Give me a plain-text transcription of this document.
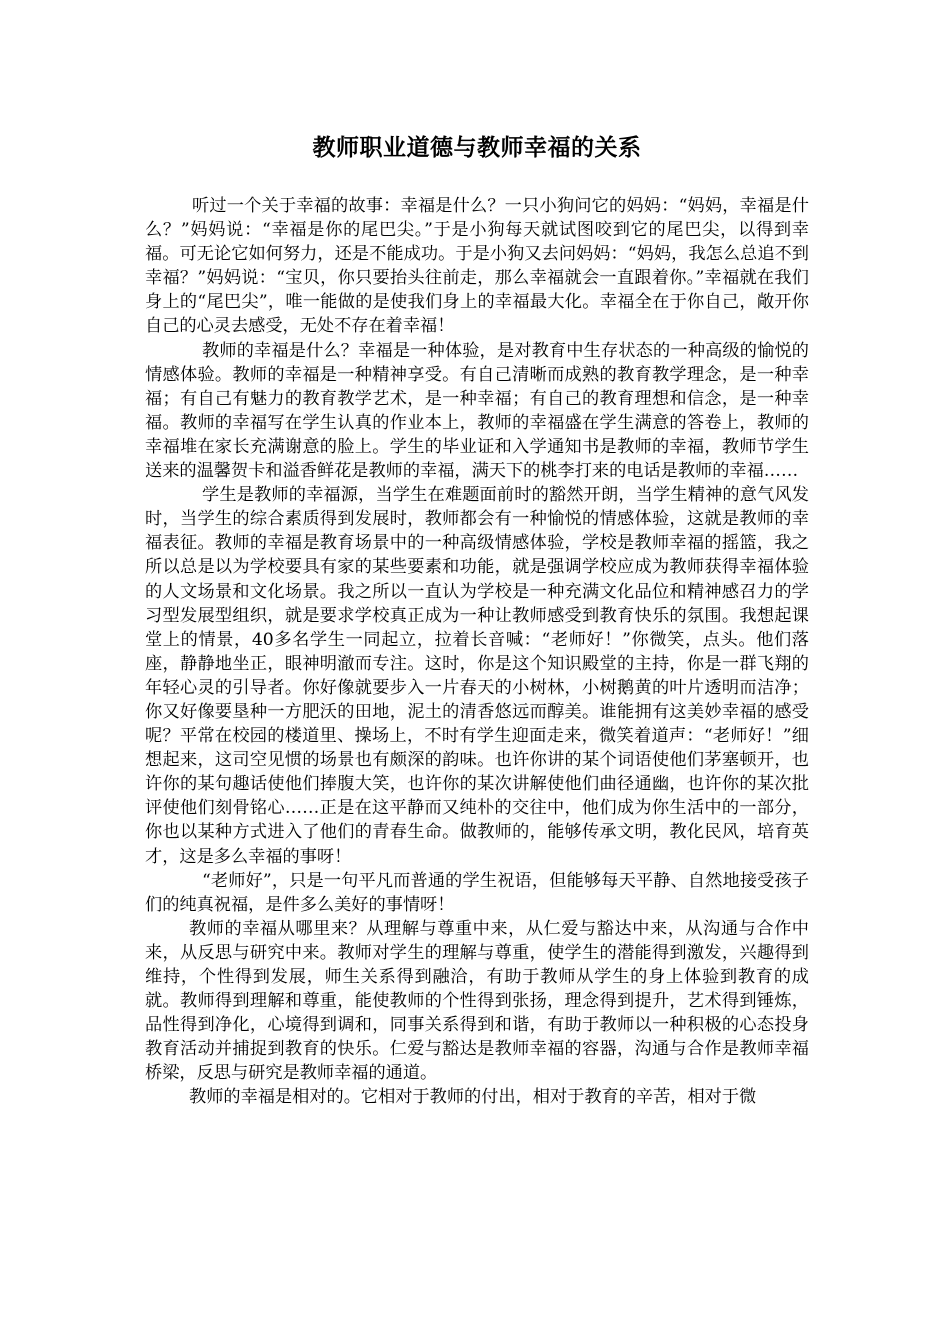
教师职业道德与教师幸福的关系

听过一个关于幸福的故事：幸福是什么？一只小狗问它的妈妈：“妈妈，幸福是什么？”妈妈说：“幸福是你的尾巴尖。”于是小狗每天就试图咬到它的尾巴尖，以得到幸福。可无论它如何努力，还是不能成功。于是小狗又去问妈妈：“妈妈，我怎么总追不到幸福？”妈妈说：“宝贝，你只要抬头往前走，那么幸福就会一直跟着你。”幸福就在我们身上的“尾巴尖”，唯一能做的是使我们身上的幸福最大化。幸福全在于你自己，敞开你自己的心灵去感受，无处不存在着幸福！

教师的幸福是什么？幸福是一种体验，是对教育中生存状态的一种高级的愉悦的情感体验。教师的幸福是一种精神享受。有自己清晰而成熟的教育教学理念，是一种幸福；有自己有魅力的教育教学艺术，是一种幸福；有自己的教育理想和信念，是一种幸福。教师的幸福写在学生认真的作业本上，教师的幸福盛在学生满意的答卷上，教师的幸福堆在家长充满谢意的脸上。学生的毕业证和入学通知书是教师的幸福，教师节学生送来的温馨贺卡和溢香鲜花是教师的幸福，满天下的桃李打来的电话是教师的幸福……

学生是教师的幸福源，当学生在难题面前时的豁然开朗，当学生精神的意气风发时，当学生的综合素质得到发展时，教师都会有一种愉悦的情感体验，这就是教师的幸福表征。教师的幸福是教育场景中的一种高级情感体验，学校是教师幸福的摇篮，我之所以总是以为学校要具有家的某些要素和功能，就是强调学校应成为教师获得幸福体验的人文场景和文化场景。我之所以一直认为学校是一种充满文化品位和精神感召力的学习型发展型组织，就是要求学校真正成为一种让教师感受到教育快乐的氛围。我想起课堂上的情景，40多名学生一同起立，拉着长音喊：“老师好！”你微笑，点头。他们落座，静静地坐正，眼神明澈而专注。这时，你是这个知识殿堂的主持，你是一群飞翔的年轻心灵的引导者。你好像就要步入一片春天的小树林，小树鹅黄的叶片透明而洁净；你又好像要垦种一方肥沃的田地，泥土的清香悠远而醇美。谁能拥有这美妙幸福的感受呢？平常在校园的楼道里、操场上，不时有学生迎面走来，微笑着道声：“老师好！”细想起来，这司空见惯的场景也有颇深的韵味。也许你讲的某个词语使他们茅塞顿开，也许你的某句趣话使他们捧腹大笑，也许你的某次讲解使他们曲径通幽，也许你的某次批评使他们刻骨铭心……正是在这平静而又纯朴的交往中，他们成为你生活中的一部分，你也以某种方式进入了他们的青春生命。做教师的，能够传承文明，教化民风，培育英才，这是多么幸福的事呀！

“老师好”，只是一句平凡而普通的学生祝语，但能够每天平静、自然地接受孩子们的纯真祝福，是件多么美好的事情呀！

教师的幸福从哪里来？从理解与尊重中来，从仁爱与豁达中来，从沟通与合作中来，从反思与研究中来。教师对学生的理解与尊重，使学生的潜能得到激发，兴趣得到维持，个性得到发展，师生关系得到融洽，有助于教师从学生的身上体验到教育的成就。教师得到理解和尊重，能使教师的个性得到张扬，理念得到提升，艺术得到锤炼，品性得到净化，心境得到调和，同事关系得到和谐，有助于教师以一种积极的心态投身教育活动并捕捉到教育的快乐。仁爱与豁达是教师幸福的容器，沟通与合作是教师幸福桥梁，反思与研究是教师幸福的通道。

教师的幸福是相对的。它相对于教师的付出，相对于教育的辛苦，相对于微
